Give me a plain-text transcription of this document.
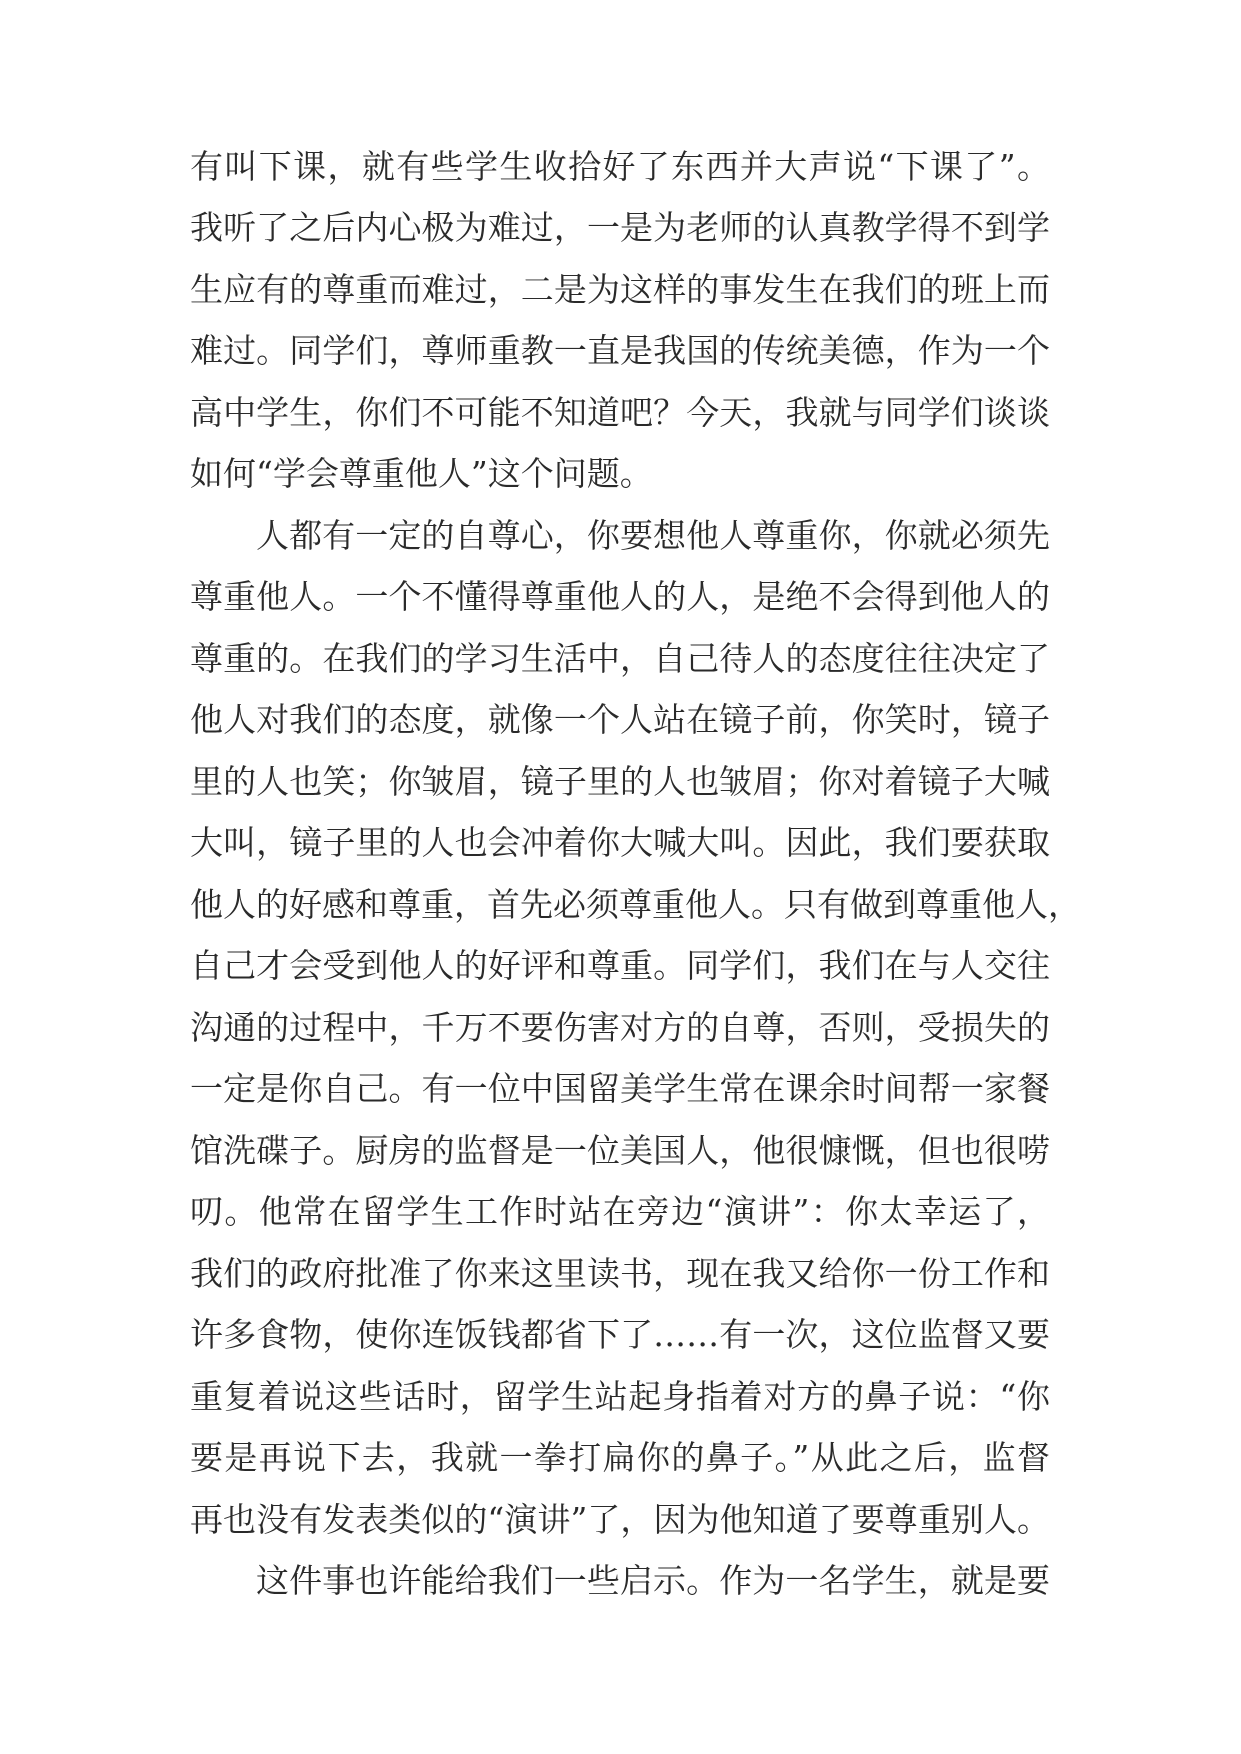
有叫下课，就有些学生收拾好了东西并大声说“下课了”。
我听了之后内心极为难过，一是为老师的认真教学得不到学
生应有的尊重而难过，二是为这样的事发生在我们的班上而
难过。同学们，尊师重教一直是我国的传统美德，作为一个
高中学生，你们不可能不知道吧？今天，我就与同学们谈谈
如何“学会尊重他人”这个问题。
人都有一定的自尊心，你要想他人尊重你，你就必须先
尊重他人。一个不懂得尊重他人的人，是绝不会得到他人的
尊重的。在我们的学习生活中，自己待人的态度往往决定了
他人对我们的态度，就像一个人站在镜子前，你笑时，镜子
里的人也笑；你皱眉，镜子里的人也皱眉；你对着镜子大喊
大叫，镜子里的人也会冲着你大喊大叫。因此，我们要获取
他人的好感和尊重，首先必须尊重他人。只有做到尊重他人，
自己才会受到他人的好评和尊重。同学们，我们在与人交往
沟通的过程中，千万不要伤害对方的自尊，否则，受损失的
一定是你自己。有一位中国留美学生常在课余时间帮一家餐
馆洗碟子。厨房的监督是一位美国人，他很慷慨，但也很唠
叨。他常在留学生工作时站在旁边“演讲”：你太幸运了，
我们的政府批准了你来这里读书，现在我又给你一份工作和
许多食物，使你连饭钱都省下了……有一次，这位监督又要
重复着说这些话时，留学生站起身指着对方的鼻子说：“你
要是再说下去，我就一拳打扁你的鼻子。”从此之后，监督
再也没有发表类似的“演讲”了，因为他知道了要尊重别人。
这件事也许能给我们一些启示。作为一名学生，就是要
